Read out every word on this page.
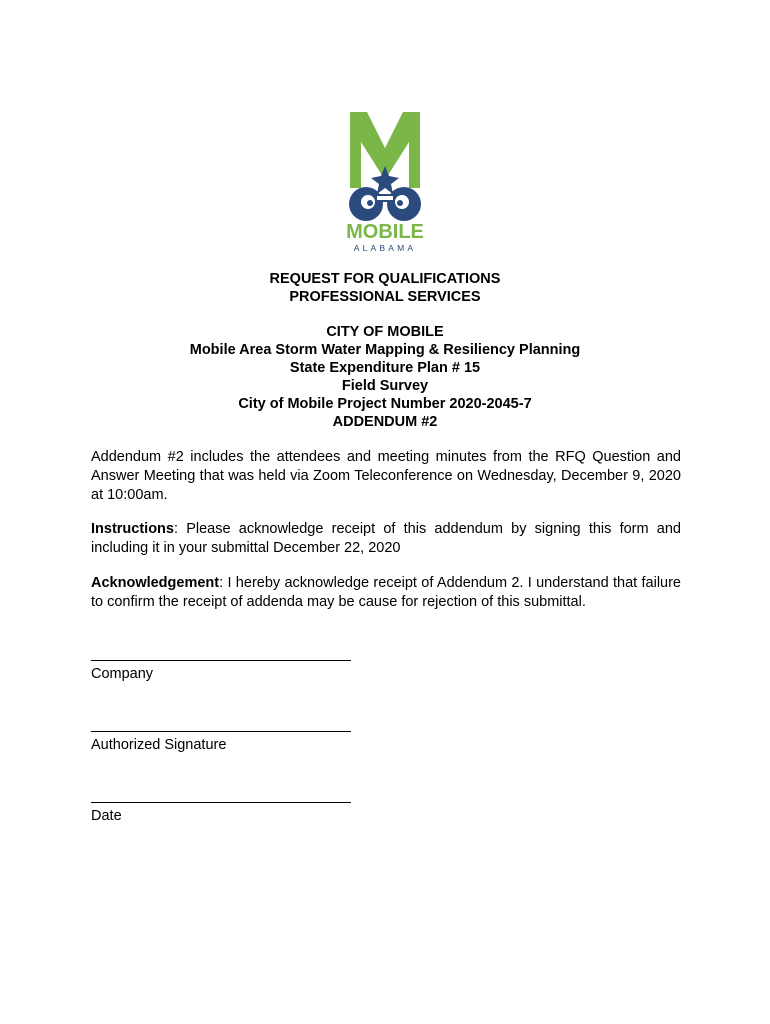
MOBILE
ALABAMA
REQUEST FOR QUALIFICATIONS
PROFESSIONAL SERVICES
CITY OF MOBILE
Mobile Area Storm Water Mapping & Resiliency Planning
State Expenditure Plan # 15
Field Survey
City of Mobile Project Number 2020-2045-7
ADDENDUM #2
Addendum #2 includes the attendees and meeting minutes from the RFQ Question and Answer Meeting that was held via Zoom Teleconference on Wednesday, December 9, 2020 at 10:00am.
Instructions: Please acknowledge receipt of this addendum by signing this form and including it in your submittal December 22, 2020
Acknowledgement: I hereby acknowledge receipt of Addendum 2. I understand that failure to confirm the receipt of addenda may be cause for rejection of this submittal.
Company
Authorized Signature
Date
